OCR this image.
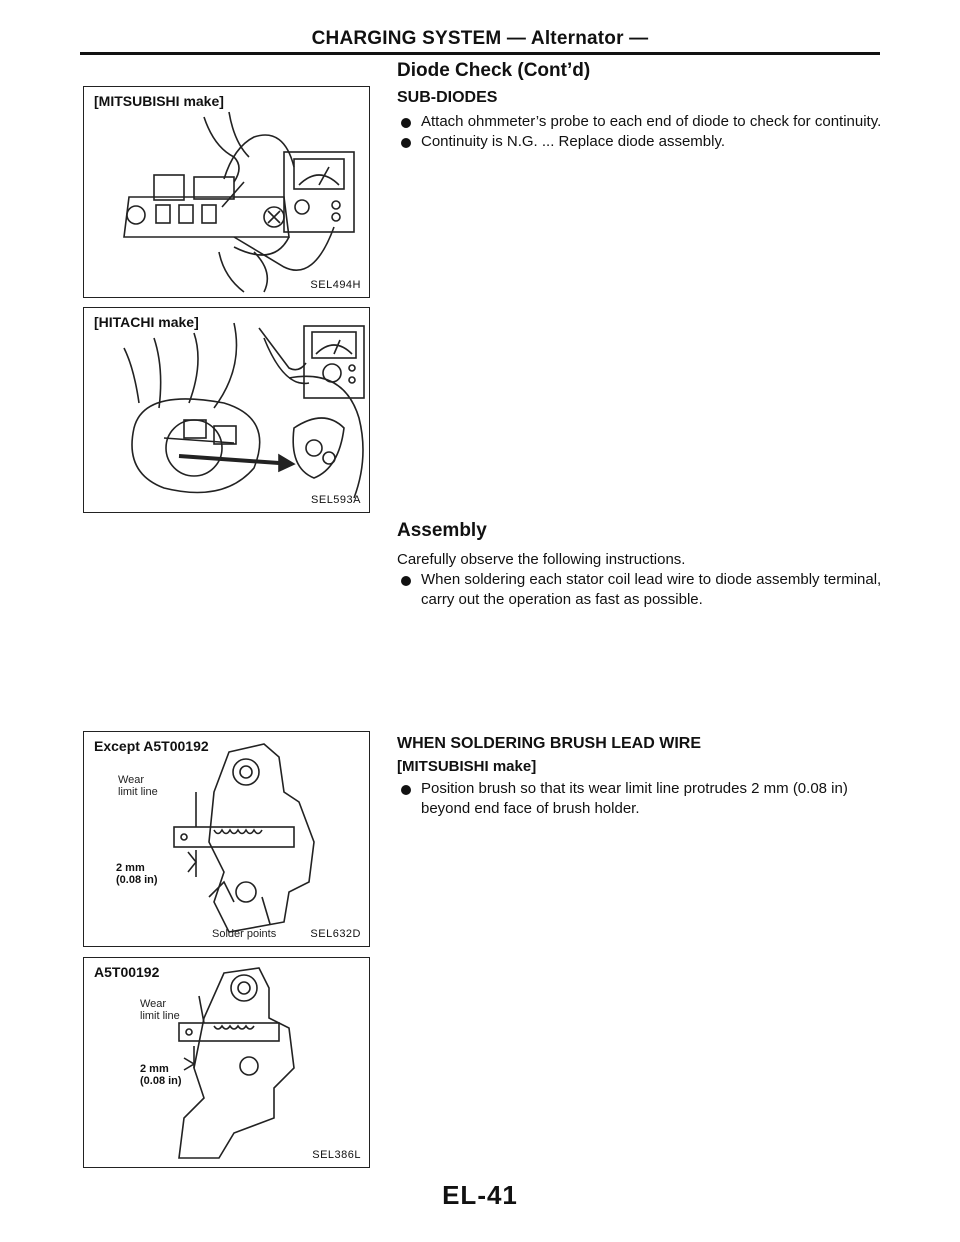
CHARGING SYSTEM — Alternator —
[MITSUBISHI make]
SEL494H
[HITACHI make]
SEL593A
Except A5T00192
Wear
limit line
2 mm
(0.08 in)
Solder points	SEL632D
A5T00192
Wear
limit line
2 mm
(0.08 in)
SEL386L
Diode Check (Cont’d)
SUB-DIODES
Attach ohmmeter’s probe to each end of diode to check for continuity.
Continuity is N.G. ... Replace diode assembly.
Assembly

Carefully observe the following instructions.

When soldering each stator coil lead wire to diode assembly terminal, carry out the operation as fast as possible.
WHEN SOLDERING BRUSH LEAD WIRE
[MITSUBISHI make]
Position brush so that its wear limit line protrudes 2 mm (0.08 in) beyond end face of brush holder.
EL-41
